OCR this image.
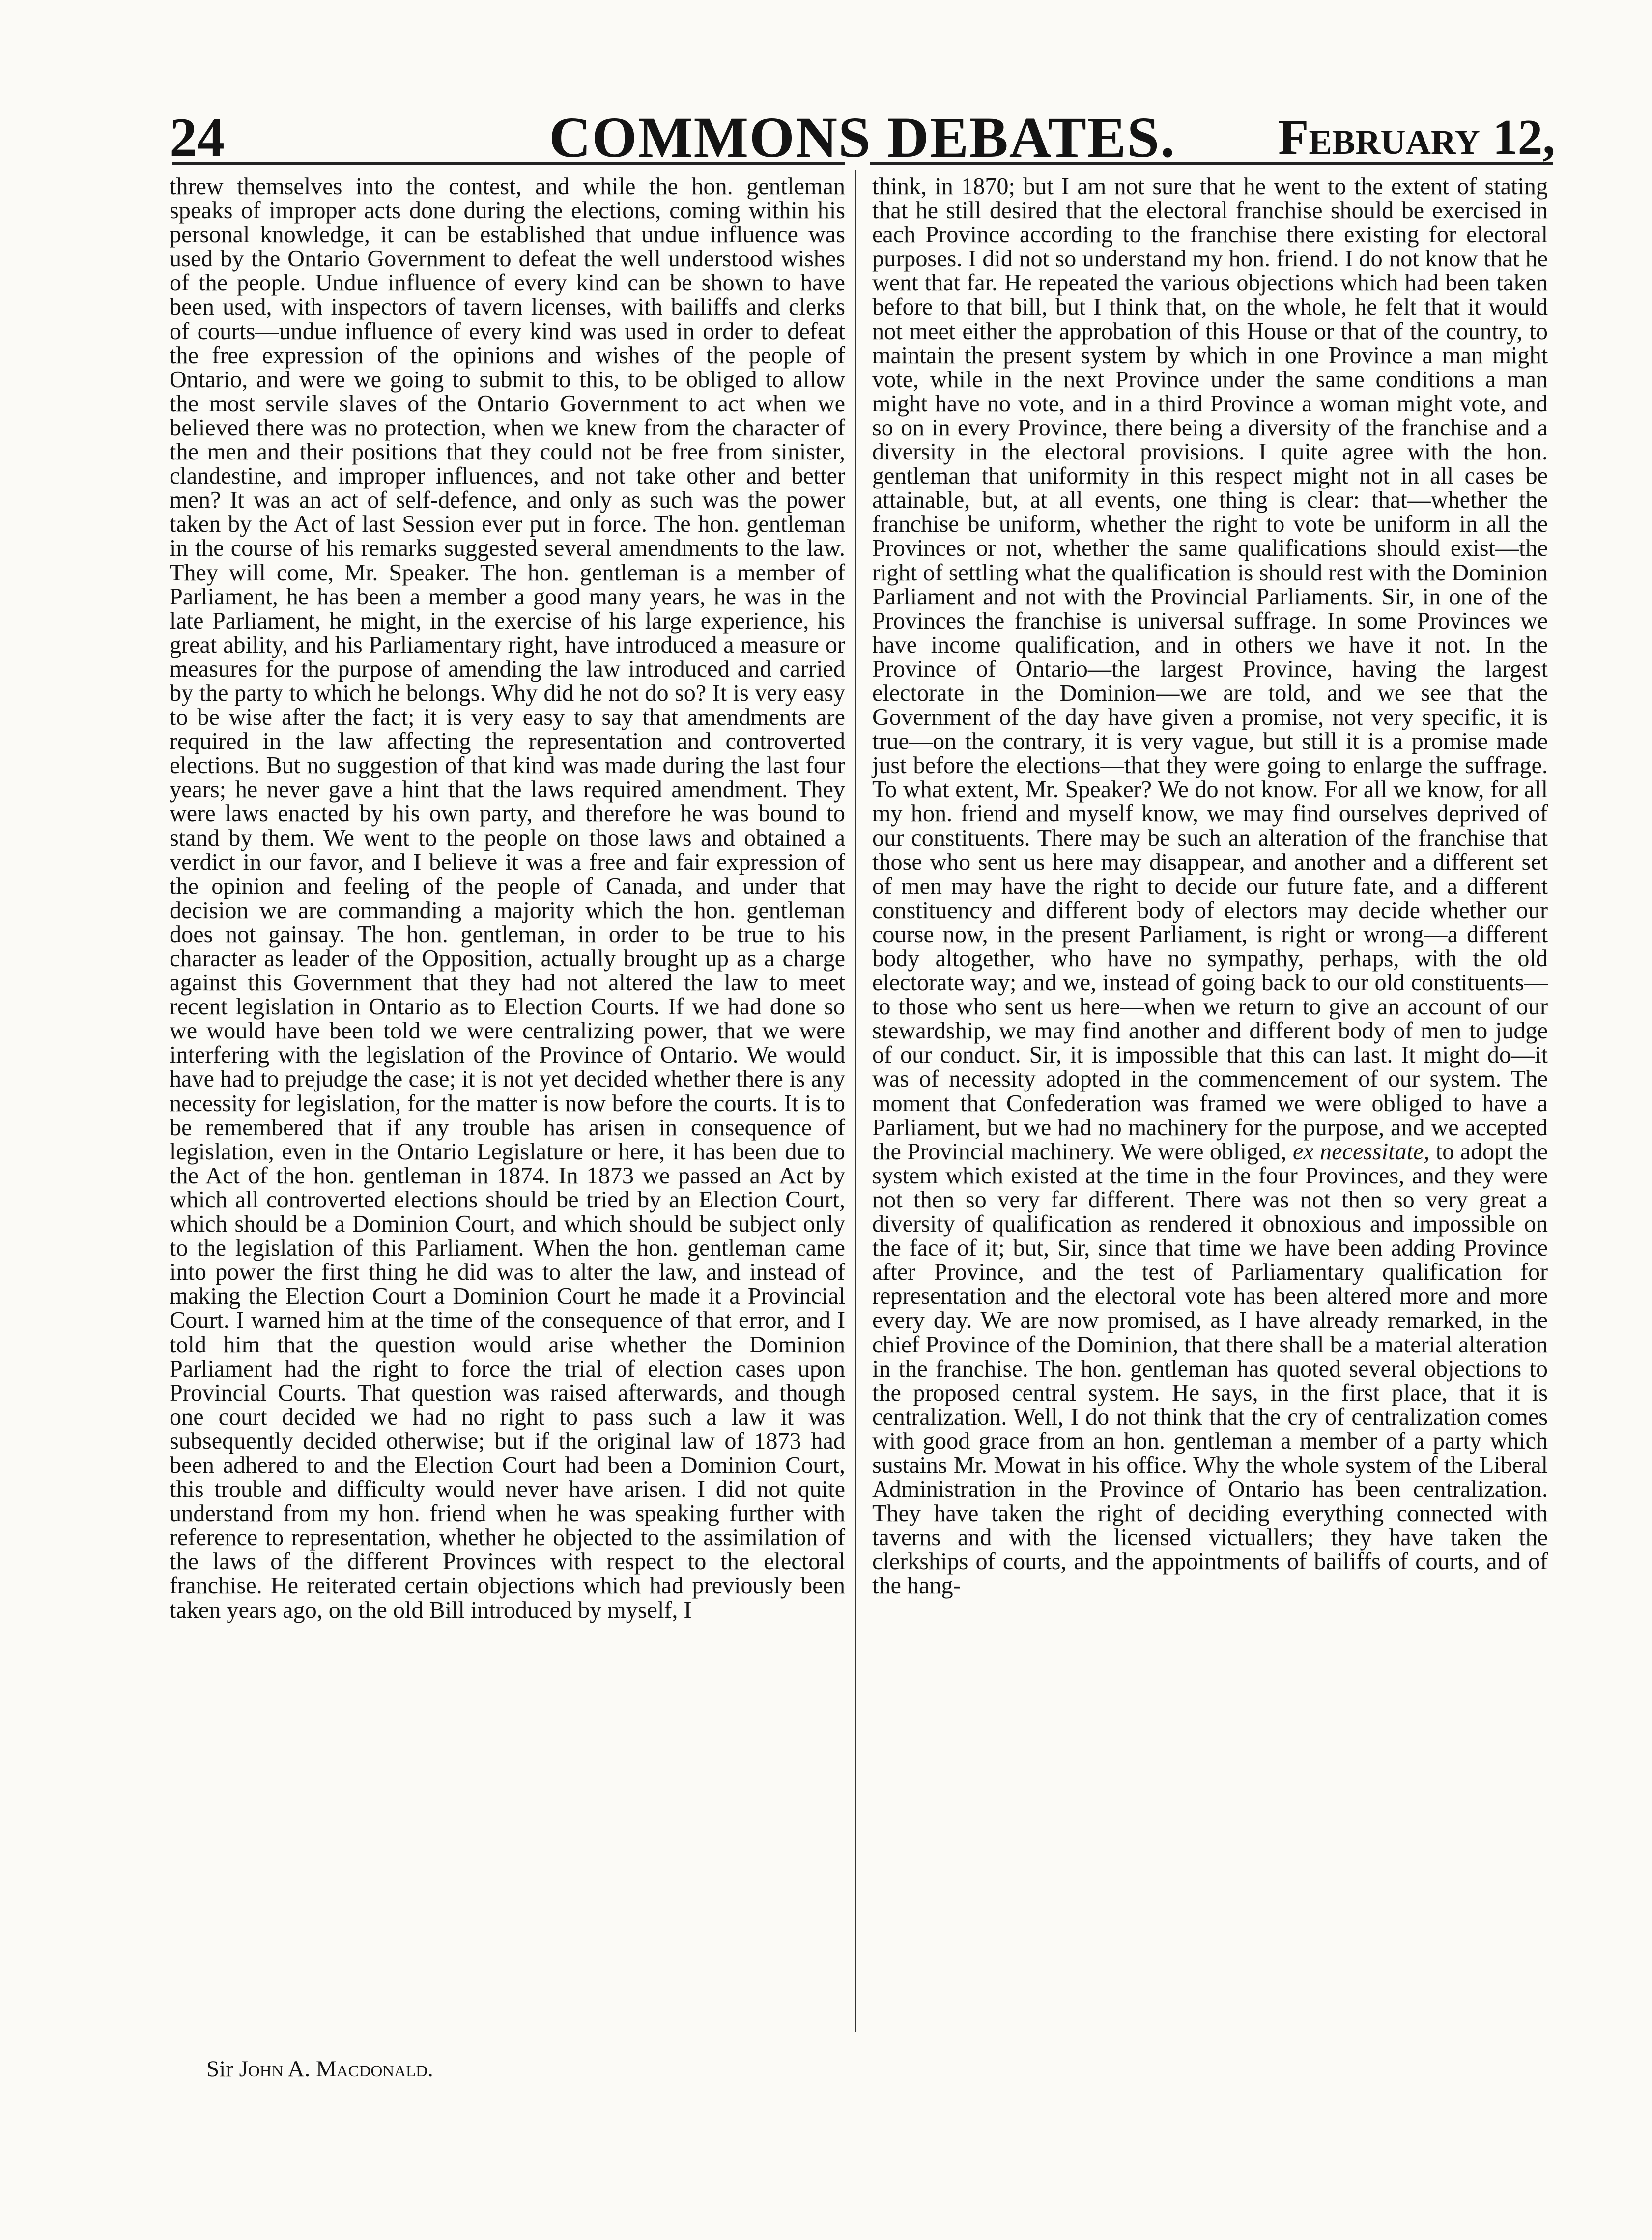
24	COMMONS DEBATES.	February 12,

threw themselves into the contest, and while the hon. gentleman speaks of improper acts done during the elections, coming within his personal knowledge, it can be established that undue influence was used by the Ontario Government to defeat the well understood wishes of the people. Undue influence of every kind can be shown to have been used, with inspectors of tavern licenses, with bailiffs and clerks of courts—undue influence of every kind was used in order to defeat the free expression of the opinions and wishes of the people of Ontario, and were we going to submit to this, to be obliged to allow the most servile slaves of the Ontario Government to act when we believed there was no protection, when we knew from the character of the men and their positions that they could not be free from sinister, clandestine, and improper influences, and not take other and better men? It was an act of self-defence, and only as such was the power taken by the Act of last Session ever put in force. The hon. gentleman in the course of his remarks suggested several amendments to the law. They will come, Mr. Speaker. The hon. gentleman is a member of Parliament, he has been a member a good many years, he was in the late Parliament, he might, in the exercise of his large experience, his great ability, and his Parliamentary right, have introduced a measure or measures for the purpose of amending the law introduced and carried by the party to which he belongs. Why did he not do so? It is very easy to be wise after the fact; it is very easy to say that amendments are required in the law affecting the representation and controverted elections. But no suggestion of that kind was made during the last four years; he never gave a hint that the laws required amendment. They were laws enacted by his own party, and therefore he was bound to stand by them. We went to the people on those laws and obtained a verdict in our favor, and I believe it was a free and fair expression of the opinion and feeling of the people of Canada, and under that decision we are commanding a majority which the hon. gentleman does not gainsay. The hon. gentleman, in order to be true to his character as leader of the Opposition, actually brought up as a charge against this Government that they had not altered the law to meet recent legislation in Ontario as to Election Courts. If we had done so we would have been told we were centralizing power, that we were interfering with the legislation of the Province of Ontario. We would have had to prejudge the case; it is not yet decided whether there is any necessity for legislation, for the matter is now before the courts. It is to be remembered that if any trouble has arisen in consequence of legislation, even in the Ontario Legislature or here, it has been due to the Act of the hon. gentleman in 1874. In 1873 we passed an Act by which all controverted elections should be tried by an Election Court, which should be a Dominion Court, and which should be subject only to the legislation of this Parliament. When the hon. gentleman came into power the first thing he did was to alter the law, and instead of making the Election Court a Dominion Court he made it a Provincial Court. I warned him at the time of the consequence of that error, and I told him that the question would arise whether the Dominion Parliament had the right to force the trial of election cases upon Provincial Courts. That question was raised afterwards, and though one court decided we had no right to pass such a law it was subsequently decided otherwise; but if the original law of 1873 had been adhered to and the Election Court had been a Dominion Court, this trouble and difficulty would never have arisen. I did not quite understand from my hon. friend when he was speaking further with reference to representation, whether he objected to the assimilation of the laws of the different Provinces with respect to the electoral franchise. He reiterated certain objections which had previously been taken years ago, on the old Bill introduced by myself, I

think, in 1870; but I am not sure that he went to the extent of stating that he still desired that the electoral franchise should be exercised in each Province according to the franchise there existing for electoral purposes. I did not so understand my hon. friend. I do not know that he went that far. He repeated the various objections which had been taken before to that bill, but I think that, on the whole, he felt that it would not meet either the approbation of this House or that of the country, to maintain the present system by which in one Province a man might vote, while in the next Province under the same conditions a man might have no vote, and in a third Province a woman might vote, and so on in every Province, there being a diversity of the franchise and a diversity in the electoral provisions. I quite agree with the hon. gentleman that uniformity in this respect might not in all cases be attainable, but, at all events, one thing is clear: that—whether the franchise be uniform, whether the right to vote be uniform in all the Provinces or not, whether the same qualifications should exist—the right of settling what the qualification is should rest with the Dominion Parliament and not with the Provincial Parliaments. Sir, in one of the Provinces the franchise is universal suffrage. In some Provinces we have income qualification, and in others we have it not. In the Province of Ontario—the largest Province, having the largest electorate in the Dominion—we are told, and we see that the Government of the day have given a promise, not very specific, it is true—on the contrary, it is very vague, but still it is a promise made just before the elections—that they were going to enlarge the suffrage. To what extent, Mr. Speaker? We do not know. For all we know, for all my hon. friend and myself know, we may find ourselves deprived of our constituents. There may be such an alteration of the franchise that those who sent us here may disappear, and another and a different set of men may have the right to decide our future fate, and a different constituency and different body of electors may decide whether our course now, in the present Parliament, is right or wrong—a different body altogether, who have no sympathy, perhaps, with the old electorate way; and we, instead of going back to our old constituents—to those who sent us here—when we return to give an account of our stewardship, we may find another and different body of men to judge of our conduct. Sir, it is impossible that this can last. It might do—it was of necessity adopted in the commencement of our system. The moment that Confederation was framed we were obliged to have a Parliament, but we had no machinery for the purpose, and we accepted the Provincial machinery. We were obliged, ex necessitate, to adopt the system which existed at the time in the four Provinces, and they were not then so very far different. There was not then so very great a diversity of qualification as rendered it obnoxious and impossible on the face of it; but, Sir, since that time we have been adding Province after Province, and the test of Parliamentary qualification for representation and the electoral vote has been altered more and more every day. We are now promised, as I have already remarked, in the chief Province of the Dominion, that there shall be a material alteration in the franchise. The hon. gentleman has quoted several objections to the proposed central system. He says, in the first place, that it is centralization. Well, I do not think that the cry of centralization comes with good grace from an hon. gentleman a member of a party which sustains Mr. Mowat in his office. Why the whole system of the Liberal Administration in the Province of Ontario has been centralization. They have taken the right of deciding everything connected with taverns and with the licensed victuallers; they have taken the clerkships of courts, and the appointments of bailiffs of courts, and of the hang-

Sir John A. Macdonald.
